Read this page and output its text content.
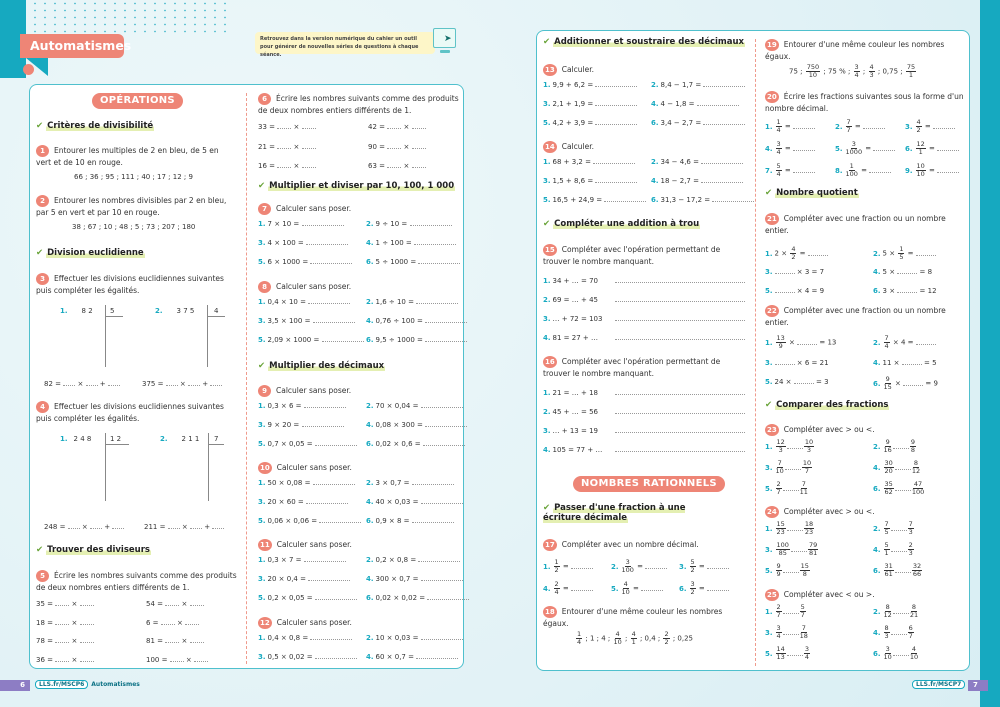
Automatismes	Retrouvez dans la version numérique du cahier un outil pour générer de nouvelles séries de questions à chaque séance.
➤
OPÉRATIONS
✔ Critères de divisibilité
1 Entourer les multiples de 2 en bleu, de 5 en vert et de 10 en rouge.
66 ; 36 ; 95 ; 111 ; 40 ; 17 ; 12 ; 9
2 Entourer les nombres divisibles par 2 en bleu, par 5 en vert et par 10 en rouge.
38 ; 67 ; 10 ; 48 ; 5 ; 73 ; 207 ; 180
✔ Division euclidienne
3 Effectuer les divisions euclidiennes suivantes puis compléter les égalités.
1. 8 2 5	2. 3 7 5	4
82 =  ×  +	375 =  ×  +
4 Effectuer les divisions euclidiennes suivantes puis compléter les égalités.
1. 2 4 8	1 2	2. 2 1 1 7
248 =  ×  +	211 =  ×  +
✔ Trouver des diviseurs
5 Écrire les nombres suivants comme des produits de deux nombres entiers différents de 1.
6 Écrire les nombres suivants comme des produits de deux nombres entiers différents de 1.
✔ Multiplier et diviser par 10, 100, 1 000
✔ Multiplier des décimaux
35 =  ×	54 =  ×
18 =  ×	6 =  ×
78 =  ×	81 =  ×
36 =  ×	100 =  ×
33 =  ×	42 =  ×
21 =  ×	90 =  ×
16 =  ×	63 =  ×
7 Calculer sans poser.
1. 7 × 10 =	2. 9 ÷ 10 =
3. 4 × 100 =	4. 1 ÷ 100 =
5. 6 × 1000 =	6. 5 ÷ 1000 =
8 Calculer sans poser.
1. 0,4 × 10 =	2. 1,6 ÷ 10 =
3. 3,5 × 100 =	4. 0,76 ÷ 100 =
5. 2,09 × 1000 =	6. 9,5 ÷ 1000 =
9 Calculer sans poser.
1. 0,3 × 6 =	2. 70 × 0,04 =
3. 9 × 20 =	4. 0,08 × 300 =
5. 0,7 × 0,05 =	6. 0,02 × 0,6 =
10 Calculer sans poser.
1. 50 × 0,08 =	2. 3 × 0,7 =
3. 20 × 60 =	4. 40 × 0,03 =
5. 0,06 × 0,06 =	6. 0,9 × 8 =
11 Calculer sans poser.
1. 0,3 × 7 =	2. 0,2 × 0,8 =
3. 20 × 0,4 =	4. 300 × 0,7 =
5. 0,2 × 0,05 =	6. 0,02 × 0,02 =
12 Calculer sans poser.
1. 0,4 × 0,8 =	2. 10 × 0,03 =
3. 0,5 × 0,02 =	4. 60 × 0,7 =
✔ Additionner et soustraire des décimaux
✔ Compléter une addition à trou
NOMBRES RATIONNELS
✔ Passer d'une fraction à une écriture décimale
18 Entourer d'une même couleur les nombres égaux.
$\frac{1}{4}$ ; 1 ; 4 ; $\frac{4}{10}$ ; $\frac{4}{1}$ ; 0,4 ; $\frac{2}{2}$ ; 0,25
19 Entourer d'une même couleur les nombres égaux.
75 ; $\frac{750}{10}$ ; 75 % ; $\frac{3}{4}$ ; $\frac{4}{3}$ ; 0,75 ; $\frac{75}{1}$
20 Écrire les fractions suivantes sous la forme d'un nombre décimal.
✔ Nombre quotient
21 Compléter avec une fraction ou un nombre entier.
1. $2 \times \frac{4}{2}$ =	2. $5 \times \frac{1}{5}$ =
3.	× 3 = 7	4. 5 ×	= 8
5.	× 4 = 9	6. 3 ×	= 12
22 Compléter avec une fraction ou un nombre entier.
1. $\frac{13}{9}$ ×	= 13	2. $\frac{7}{4} \times 4$ =
3.	× 6 = 21	4. 11 ×	= 5
5. 24 ×	= 3	6. $\frac{9}{15}$ ×	= 9
✔ Comparer des fractions
13 Calculer.
1. 9,9 + 6,2 =	2. 8,4 − 1,7 =
3. 2,1 + 1,9 =	4. 4 − 1,8 =
5. 4,2 + 3,9 =	6. 3,4 − 2,7 =
14 Calculer.
1. 68 + 3,2 =	2. 34 − 4,6 =
3. 1,5 + 8,6 =	4. 18 − 2,7 =
5. 16,5 + 24,9 =	6. 31,3 − 17,2 =
15 Compléter avec l'opération permettant de trouver le nombre manquant.
1. 34 + … = 70
2. 69 = … + 45
3. … + 72 = 103
4. 81 = 27 + …
16 Compléter avec l'opération permettant de trouver le nombre manquant.
1. 21 = … + 18
2. 45 + … = 56
3. … + 13 = 19
4. 105 = 77 + …
17 Compléter avec un nombre décimal.
1. $\frac{1}{2}$ =	2. $\frac{3}{100}$ =	3. $\frac{5}{2}$ =
4. $\frac{2}{4}$ =	5. $\frac{4}{10}$ =	6. $\frac{3}{2}$ =
1. $\frac{1}{4}$ =	2. $\frac{7}{7}$ =	3. $\frac{4}{2}$ =
4. $\frac{3}{4}$ =	5. $\frac{3}{1000}$ =	6. $\frac{12}{1}$ =
7. $\frac{5}{4}$ =	8. $\frac{1}{100}$ =	9. $\frac{10}{10}$ =
23 Compléter avec > ou <.
1. $\frac{12}{3}$	$\frac{10}{3}$	2. $\frac{9}{16}$	$\frac{9}{8}$
3. $\frac{7}{10}$	$\frac{10}{7}$	4. $\frac{30}{20}$	$\frac{8}{12}$
5. $\frac{2}{7}$	$\frac{7}{11}$	6. $\frac{35}{62}$	$\frac{47}{100}$
24 Compléter avec > ou <.
1. $\frac{15}{23}$	$\frac{18}{23}$	2. $\frac{7}{5}$	$\frac{7}{3}$
3. $\frac{100}{85}$	$\frac{79}{81}$	4. $\frac{5}{1}$	$\frac{2}{3}$
5. $\frac{9}{9}$	$\frac{15}{8}$	6. $\frac{31}{61}$	$\frac{32}{66}$
25 Compléter avec < ou >.
1. $\frac{2}{7}$	$\frac{5}{7}$	2. $\frac{8}{12}$	$\frac{8}{21}$
3. $\frac{3}{4}$	$\frac{7}{18}$	4. $\frac{8}{3}$	$\frac{6}{7}$
5. $\frac{14}{13}$	$\frac{3}{4}$	6. $\frac{3}{10}$	$\frac{4}{10}$
6	LLS.fr/MSCP6 Automatismes	LLS.fr/MSCP7	7
